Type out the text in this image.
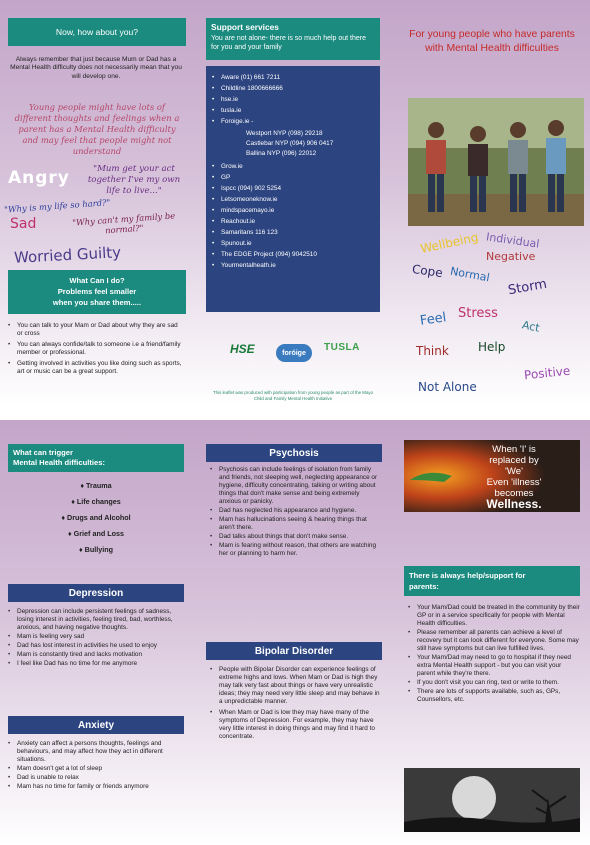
Now, how about you?

Always remember that just because Mum or Dad has a Mental Health difficulty does not necessarily mean that you will develop one.

Young people might have lots of different thoughts and feelings when a parent has a Mental Health difficulty and may feel that people might not understand

Angry	"Mum get your act together I've my own life to live..."
"Why is my life so hard?"
Sad	"Why can't my family be normal?"
Worried Guilty
What Can I do?
Problems feel smaller
when you share them.....
• You can talk to your Mam or Dad about why they are sad or cross
• You can always confide/talk to someone i.e a friend/family member or professional.
• Getting involved in activities you like doing such as sports, art or music can be a great support.
Support services
You are not alone- there is so much help out there for you and your family
• Aware (01) 661 7211
• Childline 1800666666
• hse.ie
• tusla.ie
• Foroige.ie -
Westport NYP (098) 29218
Castlebar NYP (094) 906 0417
Ballina NYP (096) 22012
• Grow.ie
• GP
• Ispcc (094) 902 5254
• Letsomeoneknow.ie
• mindspacemayo.ie
• Reachout.ie
• Samaritans 116 123
• Spunout.ie
• The EDGE Project (094) 9042510
• Yourmentalheath.ie
HSE	foróige	TUSLA

This leaflet was produced with participation from young people as part of the Mayo Child and Family Mental Health Initiative

For young people who have parents with Mental Health difficulties
Wellbeing Individual
Negative
Cope Normal
Storm
Feel Stress
Act
Think Help
Positive
Not Alone
What can trigger
Mental Health difficulties:
♦ Trauma
♦ Life changes
♦ Drugs and Alcohol
♦ Grief and Loss
♦ Bullying
Depression
• Depression can include persistent feelings of sadness, losing interest in activities, feeling tired, bad, worthless, anxious, and having negative thoughts.
• Mam is feeling very sad
• Dad has lost interest in activities he used to enjoy
• Mam is constantly tired and lacks motivation
• I feel like Dad has no time for me anymore
Anxiety
• Anxiety can affect a persons thoughts, feelings and behaviours, and may affect how they act in different situations.
• Mam doesn't get a lot of sleep
• Dad is unable to relax
• Mam has no time for family or friends anymore
Psychosis
• Psychosis can include feelings of isolation from family and friends, not sleeping well, neglecting appearance or hygiene, difficulty concentrating, talking or writing about things that don't make sense and being extremely anxious or panicky.
• Dad has neglected his appearance and hygiene.
• Mam has hallucinations seeing & hearing things that aren't there.
• Dad talks about things that don't make sense.
• Mam is fearing without reason, that others are watching her or planning to harm her.
Bipolar Disorder
• People with Bipolar Disorder can experience feelings of extreme highs and lows. When Mam or Dad is high they may talk very fast about things or have very unrealistic ideas; they may need very little sleep and may behave in a unpredictable manner.
• When Mam or Dad is low they may have many of the symptoms of Depression. For example, they may have very little interest in doing things and may find it hard to concentrate.
When 'I' is
replaced by
'We'
Even 'illness'
becomes
Wellness.
There is always help/support for
parents:
• Your Mam/Dad could be treated in the community by their GP or in a service specifically for people with Mental Health difficulties.
• Please remember all parents can achieve a level of recovery but it can look different for everyone. Some may still have symptoms but can live fulfilled lives.
• Your Mam/Dad may need to go to hospital if they need extra Mental Health support - but you can visit your parent while they're there.
• If you don't visit you can ring, text or write to them.
• There are lots of supports available, such as, GPs, Counsellors, etc.
